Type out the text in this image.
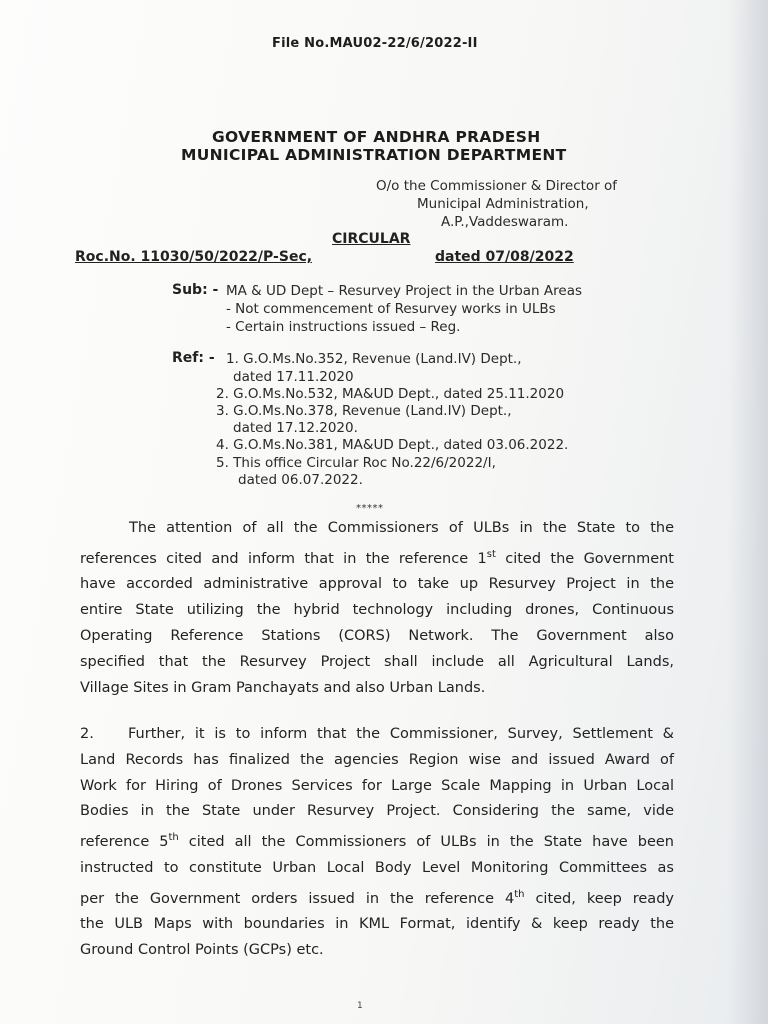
File No.MAU02-22/6/2022-II
GOVERNMENT OF ANDHRA PRADESH
MUNICIPAL ADMINISTRATION DEPARTMENT
O/o the Commissioner & Director of
Municipal Administration,
A.P.,Vaddeswaram.
CIRCULAR
Roc.No. 11030/50/2022/P-Sec,	dated 07/08/2022
Sub: - MA & UD Dept – Resurvey Project in the Urban Areas
- Not commencement of Resurvey works in ULBs
- Certain instructions issued – Reg.
Ref: - 1. G.O.Ms.No.352, Revenue (Land.IV) Dept.,
dated 17.11.2020
2. G.O.Ms.No.532, MA&UD Dept., dated 25.11.2020
3. G.O.Ms.No.378, Revenue (Land.IV) Dept.,
dated 17.12.2020.
4. G.O.Ms.No.381, MA&UD Dept., dated 03.06.2022.
5. This office Circular Roc No.22/6/2022/I,
dated 06.07.2022.
*****
The attention of all the Commissioners of ULBs in the State to the
references cited and inform that in the reference 1st cited the Government
have accorded administrative approval to take up Resurvey Project in the
entire State utilizing the hybrid technology including drones, Continuous
Operating Reference Stations (CORS) Network. The Government also
specified that the Resurvey Project shall include all Agricultural Lands,
Village Sites in Gram Panchayats and also Urban Lands.
2. Further, it is to inform that the Commissioner, Survey, Settlement &
Land Records has finalized the agencies Region wise and issued Award of
Work for Hiring of Drones Services for Large Scale Mapping in Urban Local
Bodies in the State under Resurvey Project. Considering the same, vide
reference 5th cited all the Commissioners of ULBs in the State have been
instructed to constitute Urban Local Body Level Monitoring Committees as
per the Government orders issued in the reference 4th cited, keep ready
the ULB Maps with boundaries in KML Format, identify & keep ready the
Ground Control Points (GCPs) etc.
1
